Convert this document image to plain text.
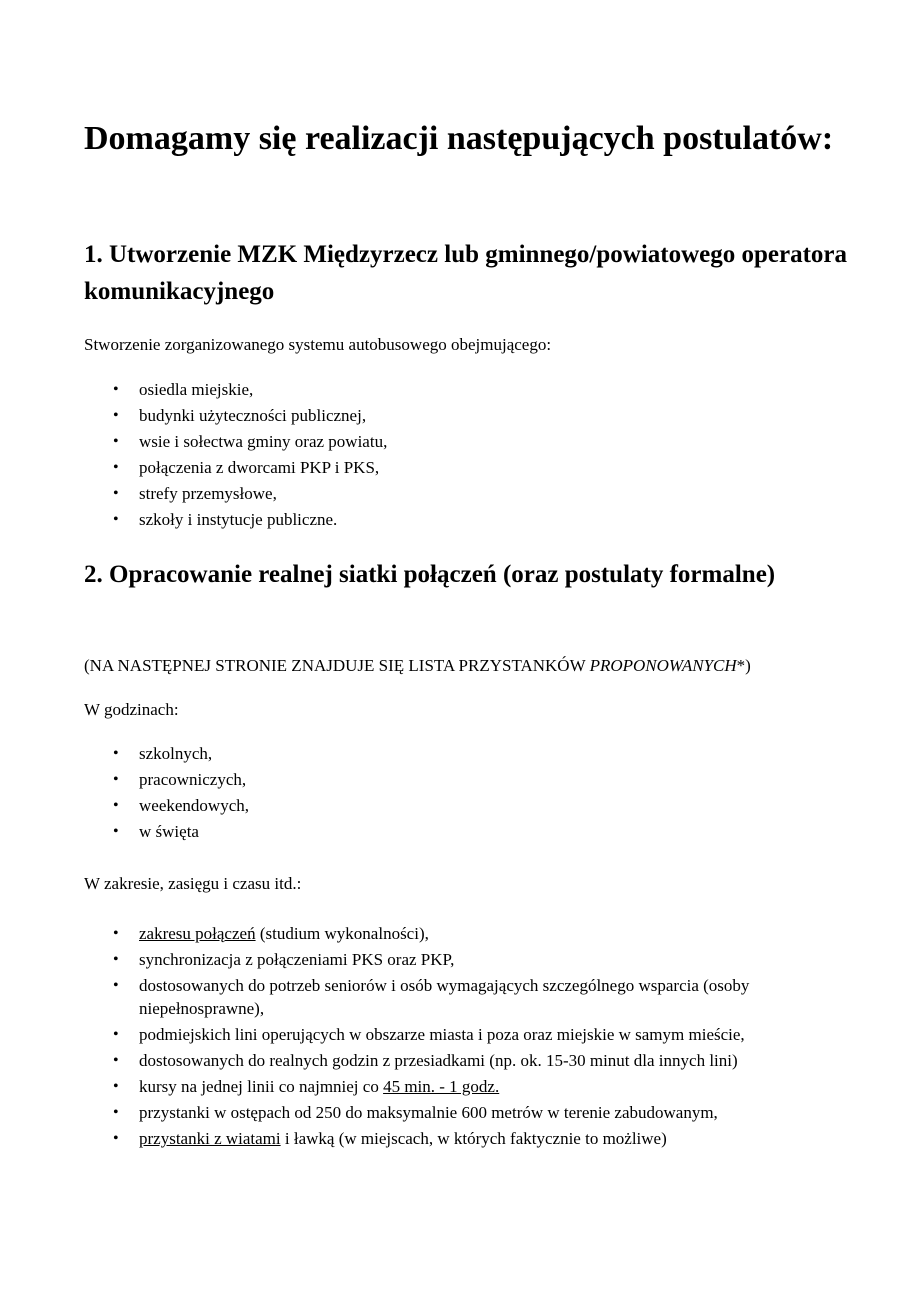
Domagamy się realizacji następujących postulatów:
1. Utworzenie MZK Międzyrzecz lub gminnego/powiatowego operatora komunikacyjnego

Stworzenie zorganizowanego systemu autobusowego obejmującego:

• osiedla miejskie,
• budynki użyteczności publicznej,
• wsie i sołectwa gminy oraz powiatu,
• połączenia z dworcami PKP i PKS,
• strefy przemysłowe,
• szkoły i instytucje publiczne.
2. Opracowanie realnej siatki połączeń (oraz postulaty formalne)

(NA NASTĘPNEJ STRONIE ZNAJDUJE SIĘ LISTA PRZYSTANKÓW PROPONOWANYCH*)

W godzinach:

• szkolnych,
• pracowniczych,
• weekendowych,
• w święta

W zakresie, zasięgu i czasu itd.:

• zakresu połączeń (studium wykonalności),
• synchronizacja z połączeniami PKS oraz PKP,
• dostosowanych do potrzeb seniorów i osób wymagających szczególnego wsparcia (osoby niepełnosprawne),
• podmiejskich lini operujących w obszarze miasta i poza oraz miejskie w samym mieście,
• dostosowanych do realnych godzin z przesiadkami (np. ok. 15-30 minut dla innych lini)
• kursy na jednej linii co najmniej co 45 min. - 1 godz.
• przystanki w ostępach od 250 do maksymalnie 600 metrów w terenie zabudowanym,
• przystanki z wiatami i ławką (w miejscach, w których faktycznie to możliwe)
